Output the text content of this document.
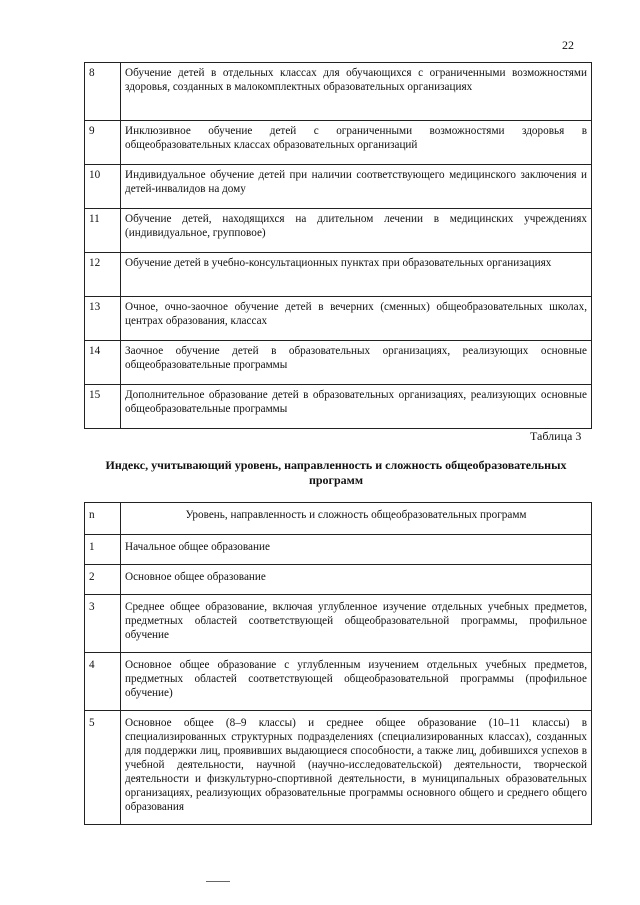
22
8	Обучение детей в отдельных классах для обучающихся с ограниченными возможностями здоровья, созданных в малокомплектных образовательных организациях
9	Инклюзивное обучение детей с ограниченными возможностями здоровья в общеобразовательных классах образовательных организаций
10	Индивидуальное обучение детей при наличии соответствующего медицинского заключения и детей-инвалидов на дому
11	Обучение детей, находящихся на длительном лечении в медицинских учреждениях (индивидуальное, групповое)
12	Обучение детей в учебно-консультационных пунктах при образовательных организациях
13	Очное, очно-заочное обучение детей в вечерних (сменных) общеобразовательных школах, центрах образования, классах
14	Заочное обучение детей в образовательных организациях, реализующих основные общеобразовательные программы
15	Дополнительное образование детей в образовательных организациях, реализующих основные общеобразовательные программы
Таблица 3
Индекс, учитывающий уровень, направленность и сложность общеобразовательных программ
n	Уровень, направленность и сложность общеобразовательных программ
1	Начальное общее образование
2	Основное общее образование
3	Среднее общее образование, включая углубленное изучение отдельных учебных предметов, предметных областей соответствующей общеобразовательной программы, профильное обучение
4	Основное общее образование с углубленным изучением отдельных учебных предметов, предметных областей соответствующей общеобразовательной программы (профильное обучение)
5	Основное общее (8–9 классы) и среднее общее образование (10–11 классы) в специализированных структурных подразделениях (специализированных классах), созданных для поддержки лиц, проявивших выдающиеся способности, а также лиц, добившихся успехов в учебной деятельности, научной (научно-исследовательской) деятельности, творческой деятельности и физкультурно-спортивной деятельности, в муниципальных образовательных организациях, реализующих образовательные программы основного общего и среднего общего образования
